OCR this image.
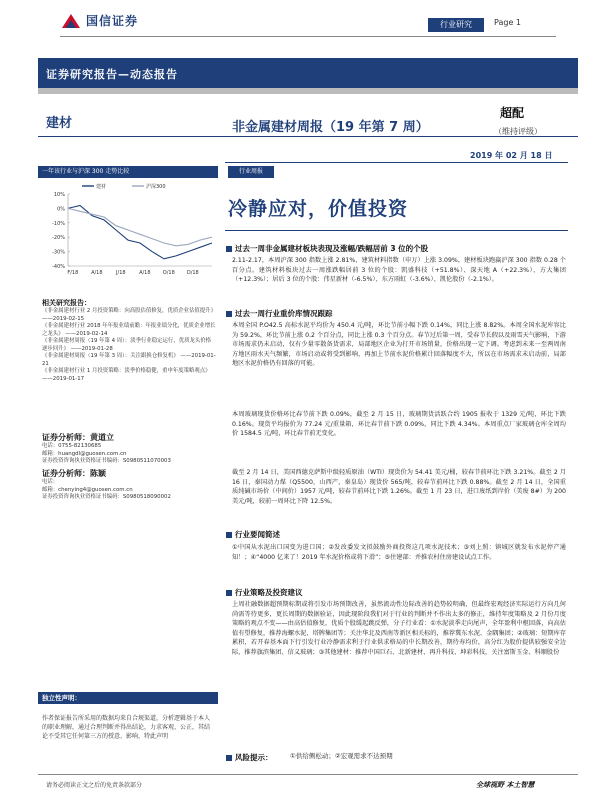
国信证券	行业研究	Page 1
证券研究报告—动态报告
建材	非金属建材周报（19 年第 7 周）
超配
（维持评级）
2019 年 02 月 18 日
一年该行业与沪深 300 走势比较	行业周报
冷静应对，价值投资
建材	沪深300
10%
0%
-10%
-20%
-30%
-40%
F/18	A/18	J/18	A/18 O/18 D/18
相关研究报告：
《非金属建材行业 2 月投资策略：向高股估值修复，优质企业估值提升》 ——2019-02-15
《非金属建材行业 2018 年年报业绩前瞻：年报业绩分化，优质企业增长之龙头》 ——2019-02-14
《非金属建材周报（19 年第 4 周）：淡季行业稳定运行，优质龙头价格逐步回升》 ——2019-01-28
《非金属建材周报（19 年第 3 周）：关注跟换仓修复机》 ——2019-01-21
《非金属建材行业 1 月投资策略：淡季价格稳健，重申年度策略观点》 ——2019-01-17
证券分析师：黄道立
电话：0755-82130685
邮箱：huangdl@guosen.com.cn
证券投资咨询执业资格证书编码：S0980511070003
证券分析师：陈颖
电话：
邮箱：chenying4@guosen.com.cn
证券投资咨询执业资格证书编码：S0980518090002
独立性声明：
作者保证报告所采用的数据均来自合规渠道，分析逻辑基于本人的职业理解，通过合理判断并得出结论，力求客观、公正，其结论不受其它任何第三方的授意、影响，特此声明
过去一周非金属建材板块表现及涨幅/跌幅居前 3 位的个股
2.11-2.17，本周沪深 300 指数上涨 2.81%，建筑材料指数（申万）上涨 3.09%，建材板块跑赢沪深 300 指数 0.28 个百分点。建筑材料板块过去一周涨跌幅居前 3 位的个股：凯盛科技（+51.8%）、深天地 A（+22.3%）、方大集团（+12.3%）；居后 3 位的个股：伟星新材（-6.5%）、东方雨虹（-3.6%）、凯伦股份（-2.1%）。
过去一周行业重价库情况跟踪
本周全国 P.O42.5 高标水泥平均价为 450.4 元/吨，环比节前小幅下跌 0.14%，同比上涨 8.82%。本周全国水泥库容比为 59.2%，环比节前上涨 0.2 个百分点，同比上涨 0.3 个百分点。春节过后第一周，受春节长假以及雨雪天气影响，下游市场需求仍未启动，仅有少量零散备货需求，局部地区企业为打开市场销量，价格出现一定下调。考虑到未来一至两周南方地区雨水天气频繁，市场启动或将受到影响，再加上节前水泥价格累计回落幅度不大，所以在市场需求未启动前，局部地区水泥价格仍有回落的可能。
本周玻璃现货价格环比春节前下跌 0.09%，截至 2 月 15 日，玻璃期货活跃合约 1905 报收于 1329 元/吨，环比下跌 0.16%。现货平均报价为 77.24 元/重量箱，环比春节前下跌 0.09%，同比下跌 4.34%。本周重点厂家玻璃仓库全周均价 1584.5 元/吨，环比春节前无变化。
截至 2 月 14 日，美国西德克萨斯中级轻质原油（WTI）现货价为 54.41 美元/桶，较春节前环比下跌 3.21%。截至 2 月 16 日，秦国动力煤（Q5500，山西产，秦皇岛）现货价 565/吨，较春节前环比下跌 0.88%。截至 2 月 14 日，全国重质纯碱市场价（中间价）1957 元/吨，较春节前环比下跌 1.26%。截至 1 月 23 日，进口废纸到岸价（美废 8#）为 200 美元/吨，较前一周环比下降 12.5%。
行业要闻简述
①中国从水泥出口国变为进口国；②发改委发文拟鼓励外商投资这几项水泥技术；③刘上照：镇城区就发布水泥停产通知！；④“4000 亿来了！2019 年水泥价格或将下滑”；⑤住建部：并推农村住房建设试点工作。
行业策略及投资建议
上周社融数据超预期标期或将引发市场预期改善，虽然流动性边际改善的趋势较明确，但最终宏观经济实际运行方向几何尚需等待更多，更长周期的数据验证，因此现阶段我们对于行业的判断并不作出太多的修正，维持年度策略及 2 月份月度策略的观点不变——由高估值修复，优质个股缓起跳反弹，分子行业看：①水泥淡季走向尾声，全年盈利中枢回落，向高估值有望修复，推荐海螺水泥、塔牌集团等；关注华北及西南等新区相关标的，推荐冀东水泥、金隅集团；②玻璃：短期库存累积，若开春基本面下行引发行业冷静需求利于行业供求格局的中长期改善，期待寿均价，高分红为股价提供较强安全边际，推荐旗滨集团、信义玻璃；③其他建材：推荐中国巨石、北新建材、再升科技、坤彩科技，关注富斯玉金、科顺股份
风险提示：	①供给侧松动；②宏观需求不达预期
请务必阅读正文之后的免责条款部分	全球视野 本土智慧
